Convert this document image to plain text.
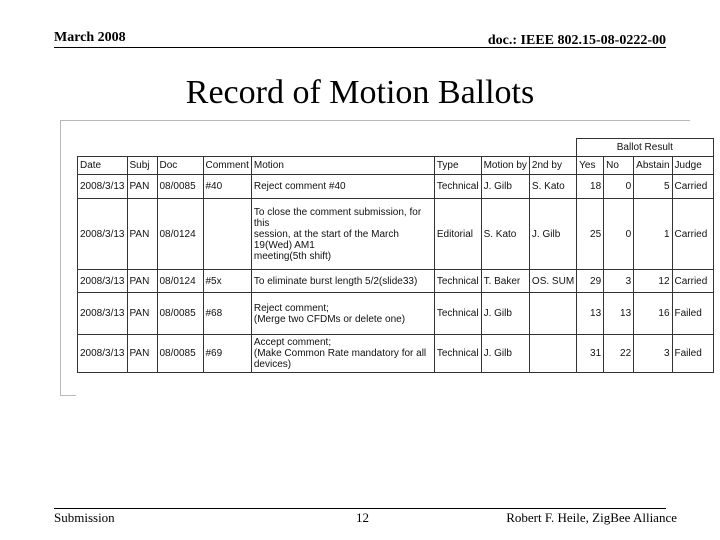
March 2008	doc.: IEEE 802.15-08-0222-00
Record of Motion Ballots
								Ballot Result			
Date	Subj	Doc	Comment	Motion	Type	Motion by	2nd by	Yes	No	Abstain	Judge
2008/3/13	PAN	08/0085	#40	Reject comment #40	Technical	J. Gilb	S. Kato	18	0	5	Carried
2008/3/13	PAN	08/0124		To close the comment submission, for this
session, at the start of the March 19(Wed) AM1
meeting(5th shift)	Editorial	S. Kato	J. Gilb	25	0	1	Carried
2008/3/13	PAN	08/0124	#5x	To eliminate burst length 5/2(slide33)	Technical	T. Baker	OS. SUM	29	3	12	Carried
2008/3/13	PAN	08/0085	#68	Reject comment;
(Merge two CFDMs or delete one)	Technical	J. Gilb		13	13	16	Failed
2008/3/13	PAN	08/0085	#69	Accept comment;
(Make Common Rate mandatory for all devices)	Technical	J. Gilb		31	22	3	Failed
Submission	12	Robert F. Heile, ZigBee Alliance
